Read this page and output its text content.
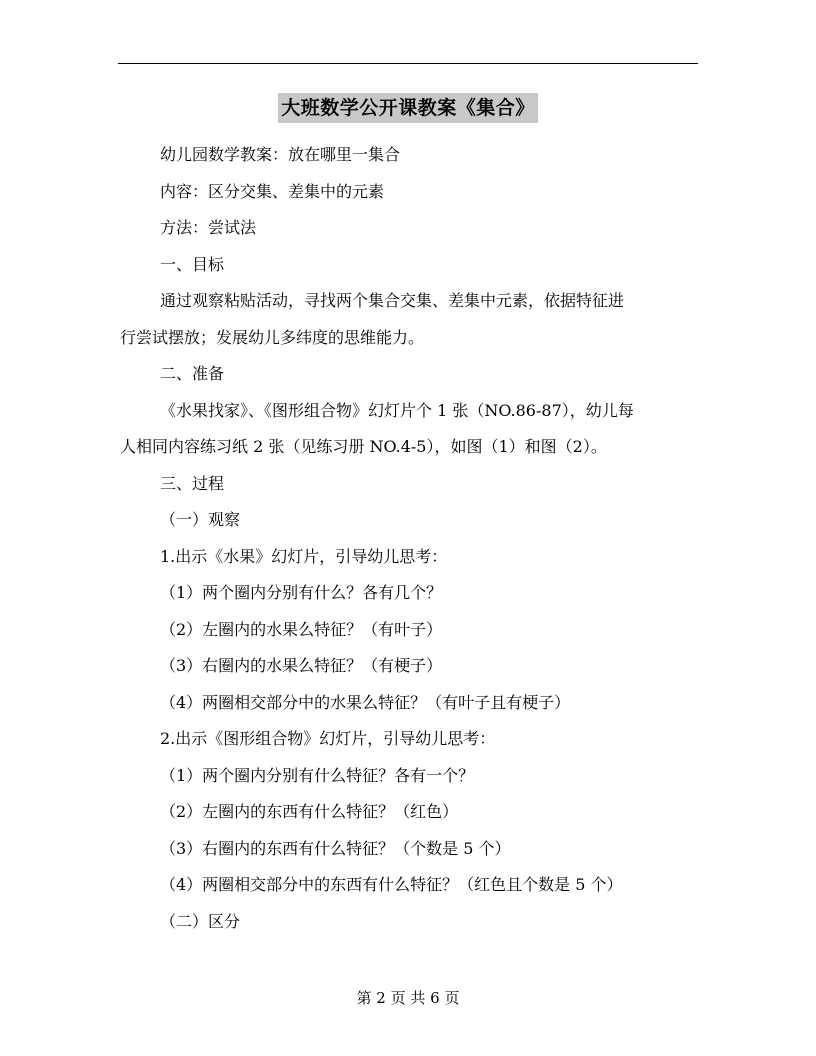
大班数学公开课教案《集合》
幼儿园数学教案：放在哪里一集合
内容：区分交集、差集中的元素
方法：尝试法
一、目标
通过观察粘贴活动，寻找两个集合交集、差集中元素，依据特征进
行尝试摆放；发展幼儿多纬度的思维能力。
二、准备
《水果找家》、《图形组合物》幻灯片个 1 张（NO.86-87），幼儿每
人相同内容练习纸 2 张（见练习册 NO.4-5），如图（1）和图（2）。
三、过程
（一）观察
1.出示《水果》幻灯片，引导幼儿思考：
（1）两个圈内分别有什么？各有几个？
（2）左圈内的水果么特征？（有叶子）
（3）右圈内的水果么特征？（有梗子）
（4）两圈相交部分中的水果么特征？（有叶子且有梗子）
2.出示《图形组合物》幻灯片，引导幼儿思考：
（1）两个圈内分别有什么特征？各有一个？
（2）左圈内的东西有什么特征？（红色）
（3）右圈内的东西有什么特征？（个数是 5 个）
（4）两圈相交部分中的东西有什么特征？（红色且个数是 5 个）
（二）区分
第 2 页 共 6 页
